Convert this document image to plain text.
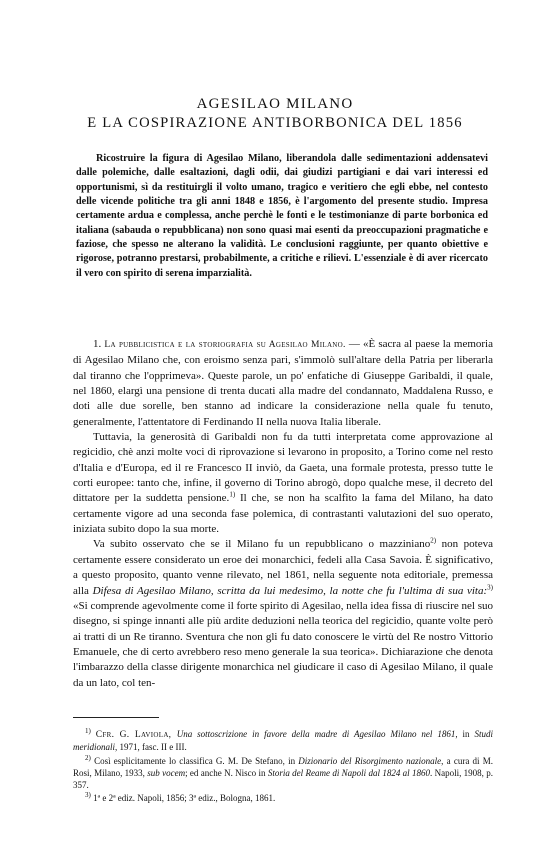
AGESILAO MILANO
E LA COSPIRAZIONE ANTIBORBONICA DEL 1856

Ricostruire la figura di Agesilao Milano, liberandola dalle sedimentazioni addensatevi dalle polemiche, dalle esaltazioni, dagli odii, dai giudizi partigiani e dai vari interessi ed opportunismi, sì da restituirgli il volto umano, tragico e veritiero che egli ebbe, nel contesto delle vicende politiche tra gli anni 1848 e 1856, è l'argomento del presente studio. Impresa certamente ardua e complessa, anche perchè le fonti e le testimonianze di parte borbonica ed italiana (sabauda o repubblicana) non sono quasi mai esenti da preoccupazioni pragmatiche e faziose, che spesso ne alterano la validità. Le conclusioni raggiunte, per quanto obiettive e rigorose, potranno prestarsi, probabilmente, a critiche e rilievi. L'essenziale è di aver ricercato il vero con spirito di serena imparzialità.

1. La pubblicistica e la storiografia su Agesilao Milano. — «È sacra al paese la memoria di Agesilao Milano che, con eroismo senza pari, s'immolò sull'altare della Patria per liberarla dal tiranno che l'opprimeva». Queste parole, un po' enfatiche di Giuseppe Garibaldi, il quale, nel 1860, elargì una pensione di trenta ducati alla madre del condannato, Maddalena Russo, e doti alle due sorelle, ben stanno ad indicare la considerazione nella quale fu tenuto, generalmente, l'attentatore di Ferdinando II nella nuova Italia liberale.

Tuttavia, la generosità di Garibaldi non fu da tutti interpretata come approvazione al regicidio, chè anzi molte voci di riprovazione si levarono in proposito, a Torino come nel resto d'Italia e d'Europa, ed il re Francesco II inviò, da Gaeta, una formale protesta, presso tutte le corti europee: tanto che, infine, il governo di Torino abrogò, dopo qualche mese, il decreto del dittatore per la suddetta pensione.$^{1)}$ Il che, se non ha scalfito la fama del Milano, ha dato certamente vigore ad una seconda fase polemica, di contrastanti valutazioni del suo operato, iniziata subito dopo la sua morte.

Va subito osservato che se il Milano fu un repubblicano o mazziniano$^{2)}$ non poteva certamente essere considerato un eroe dei monarchici, fedeli alla Casa Savoia. È significativo, a questo proposito, quanto venne rilevato, nel 1861, nella seguente nota editoriale, premessa alla Difesa di Agesilao Milano, scritta da lui medesimo, la notte che fu l'ultima di sua vita:$^{3)}$ «Si comprende agevolmente come il forte spirito di Agesilao, nella idea fissa di riuscire nel suo disegno, si spinge innanti alle più ardite deduzioni nella teorica del regicidio, quante volte però ai tratti di un Re tiranno. Sventura che non gli fu dato conoscere le virtù del Re nostro Vittorio Emanuele, che di certo avrebbero reso meno generale la sua teorica». Dichiarazione che denota l'imbarazzo della classe dirigente monarchica nel giudicare il caso di Agesilao Milano, il quale da un lato, col ten-

$^{1)}$ Cfr. G. Laviola, Una sottoscrizione in favore della madre di Agesilao Milano nel 1861, in Studi meridionali, 1971, fasc. II e III.

$^{2)}$ Così esplicitamente lo classifica G. M. De Stefano, in Dizionario del Risorgimento nazionale, a cura di M. Rosi, Milano, 1933, sub vocem; ed anche N. Nisco in Storia del Reame di Napoli dal 1824 al 1860. Napoli, 1908, p. 357.

$^{3)}$ 1ª e 2ª ediz. Napoli, 1856; 3ª ediz., Bologna, 1861.
